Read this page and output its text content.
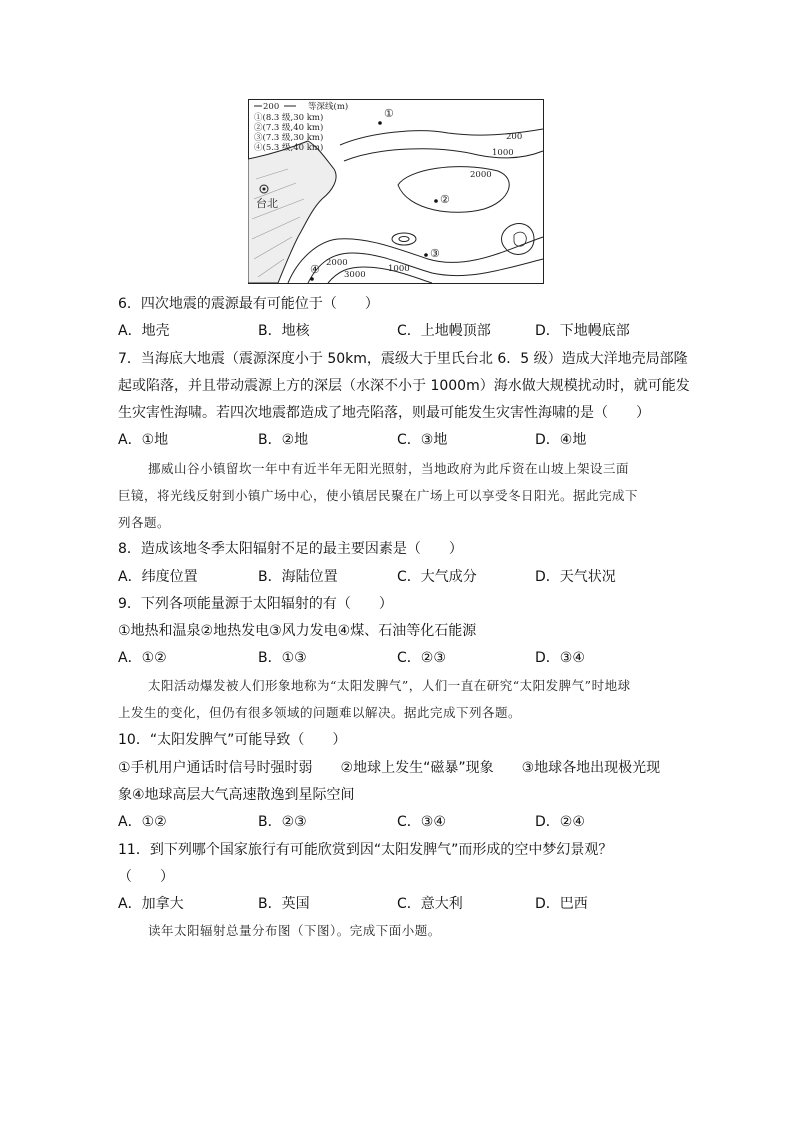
200	等深线(m)
①(8.3 级,30 km)
②(7.3 级,40 km)
③(7.3 级,30 km)
④(5.3 级,40 km)
台北
200
1000
2000
2000
1000
3000
①
②
③
④
6．四次地震的震源最有可能位于（　　）
A．地壳	B．地核	C．上地幔顶部	D．下地幔底部
7．当海底大地震（震源深度小于 50km，震级大于里氏台北 6．5 级）造成大洋地壳局部隆
起或陷落，并且带动震源上方的深层（水深不小于 1000m）海水做大规模扰动时，就可能发
生灾害性海啸。若四次地震都造成了地壳陷落，则最可能发生灾害性海啸的是（　　）
A．①地	B．②地	C．③地	D．④地
挪威山谷小镇留坎一年中有近半年无阳光照射，当地政府为此斥资在山坡上架设三面
巨镜，将光线反射到小镇广场中心，使小镇居民聚在广场上可以享受冬日阳光。据此完成下
列各题。
8．造成该地冬季太阳辐射不足的最主要因素是（　　）
A．纬度位置	B．海陆位置	C．大气成分	D．天气状况
9．下列各项能量源于太阳辐射的有（　　）
①地热和温泉②地热发电③风力发电④煤、石油等化石能源
A．①②	B．①③	C．②③	D．③④
太阳活动爆发被人们形象地称为“太阳发脾气”，人们一直在研究“太阳发脾气”时地球
上发生的变化，但仍有很多领域的问题难以解决。据此完成下列各题。
10．“太阳发脾气”可能导致（　　）
①手机用户通话时信号时强时弱　　②地球上发生“磁暴”现象　　③地球各地出现极光现
象④地球高层大气高速散逸到星际空间
A．①②	B．②③	C．③④	D．②④
11．到下列哪个国家旅行有可能欣赏到因“太阳发脾气”而形成的空中梦幻景观？
（　　）
A．加拿大	B．英国	C．意大利	D．巴西
读年太阳辐射总量分布图（下图）。完成下面小题。
